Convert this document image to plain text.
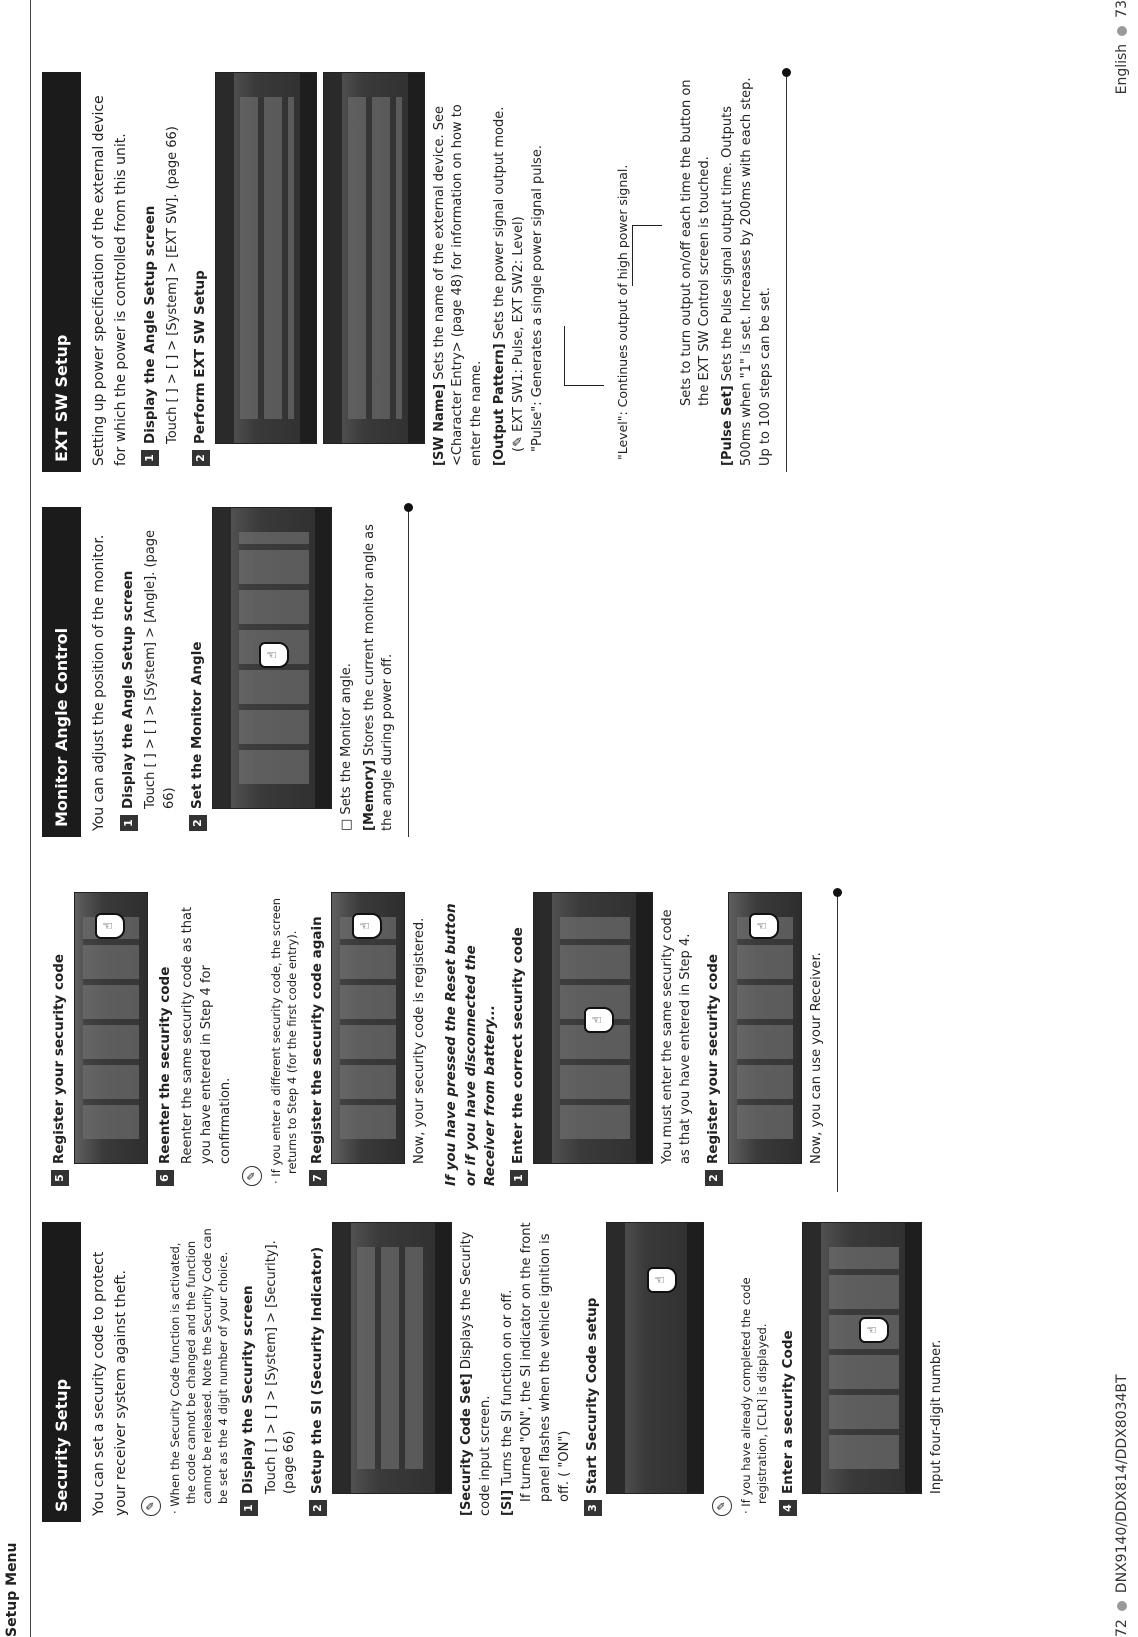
Setup Menu
Security Setup	You can set a security code to protect your receiver system against theft.	✎ · When the Security Code function is activated, the code cannot be changed and the function cannot be released. Note the Security Code can be set as the 4 digit number of your choice.
1
Display the Security screen Touch [ ] > [ ] > [System] > [Security]. (page 66)
2
Setup the SI (Security Indicator)	[Security Code Set] Displays the Security code input screen. [SI] Turns the SI function on or off. If turned "ON", the SI indicator on the front panel flashes when the vehicle ignition is off. ( "ON")
3
Start Security Code setup
☝
✎ · If you have already completed the code registration, [CLR] is displayed.
4
Enter a security Code
☝
Input four-digit number.
5
Register your security code
☝
6
Reenter the security code Reenter the same security code as that you have entered in Step 4 for confirmation.
✎ · If you enter a different security code, the screen returns to Step 4 (for the first code entry).
7
Register the security code again	☝	Now, your security code is registered. If you have pressed the Reset button or if you have disconnected the Receiver from battery... 1
Enter the correct security code	☝	You must enter the same security code as that you have entered in Step 4.
2
Register your security code
☝
Now, you can use your Receiver.
Monitor Angle Control	You can adjust the position of the monitor.	1
Display the Angle Setup screen Touch [ ] > [ ] > [System] > [Angle]. (page 66)
2
Set the Monitor Angle	☝
□ Sets the Monitor angle. [Memory] Stores the current monitor angle as the angle during power off.
EXT SW Setup	Setting up power specification of the external device for which the power is controlled from this unit.	1
Display the Angle Setup screen Touch [ ] > [ ] > [System] > [EXT SW]. (page 66)
2
Perform EXT SW Setup	[SW Name] Sets the name of the external device. See <Character Entry> (page 48) for information on how to enter the name. [Output Pattern] Sets the power signal output mode.
(✎ EXT SW1: Pulse, EXT SW2: Level) "Pulse": Generates a single power signal pulse.	"Level": Continues output of high power signal.	Sets to turn output on/off each time the button on the EXT SW Control screen is touched.
[Pulse Set] Sets the Pulse signal output time. Outputs 500ms when "1" is set. Increases by 200ms with each step. Up to 100 steps can be set.
72DNX9140/DDX814/DDX8034BT
English73
